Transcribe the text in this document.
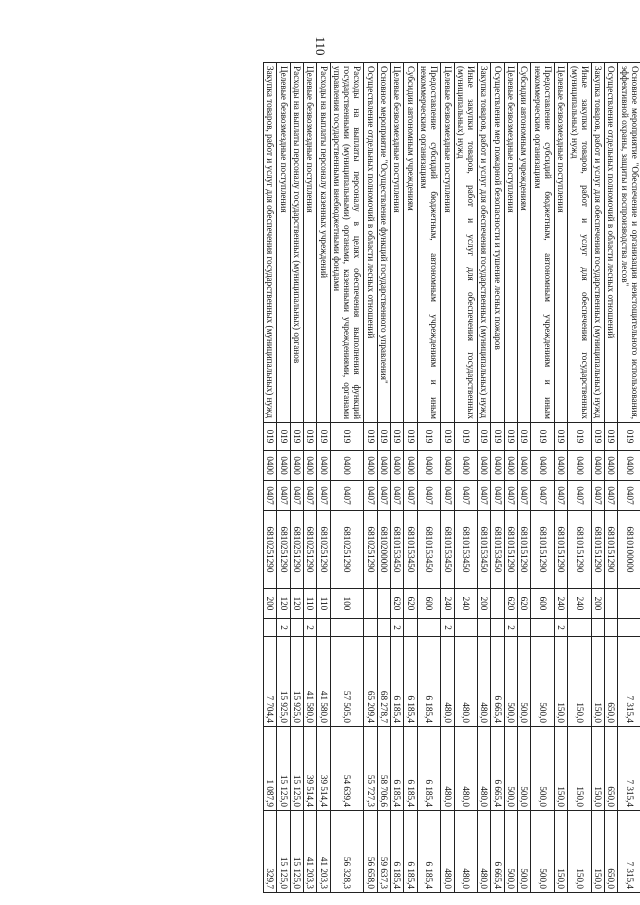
110
Основное мероприятие "Обеспечение и организация неистощительного использования, эффективной охраны, защиты и воспроизводства лесов"	019	0400	0407	6810100000			7 315,4	7 315,4	7 315,4
Осуществление отдельных полномочий в области лесных отношений	019	0400	0407	6810151290			650,0	650,0	650,0
Закупка товаров, работ и услуг для обеспечения государственных (муниципальных) нужд	019	0400	0407	6810151290	200		150,0	150,0	150,0
Иные закупки товаров, работ и услуг для обеспечения государственных (муниципальных) нужд	019	0400	0407	6810151290	240		150,0	150,0	150,0
Целевые безвозмездные поступления	019	0400	0407	6810151290	240	2	150,0	150,0	150,0
Предоставление субсидий бюджетным, автономным учреждениям и иным некоммерческим организациям	019	0400	0407	6810151290	600		500,0	500,0	500,0
Субсидии автономным учреждениям	019	0400	0407	6810151290	620		500,0	500,0	500,0
Целевые безвозмездные поступления	019	0400	0407	6810151290	620	2	500,0	500,0	500,0
Осуществление мер пожарной безопасности и тушение лесных пожаров	019	0400	0407	6810153450			6 665,4	6 665,4	6 665,4
Закупка товаров, работ и услуг для обеспечения государственных (муниципальных) нужд	019	0400	0407	6810153450	200		480,0	480,0	480,0
Иные закупки товаров, работ и услуг для обеспечения государственных (муниципальных) нужд	019	0400	0407	6810153450	240		480,0	480,0	480,0
Целевые безвозмездные поступления	019	0400	0407	6810153450	240	2	480,0	480,0	480,0
Предоставление субсидий бюджетным, автономным учреждениям и иным некоммерческим организациям	019	0400	0407	6810153450	600		6 185,4	6 185,4	6 185,4
Субсидии автономным учреждениям	019	0400	0407	6810153450	620		6 185,4	6 185,4	6 185,4
Целевые безвозмездные поступления	019	0400	0407	6810153450	620	2	6 185,4	6 185,4	6 185,4
Основное мероприятие "Осуществление функций государственного управления"	019	0400	0407	6810200000			68 278,7	58 706,6	59 637,3
Осуществление отдельных полномочий в области лесных отношений	019	0400	0407	6810251290			65 209,4	55 727,3	56 658,0
Расходы на выплаты персоналу в целях обеспечения выполнения функций государственными (муниципальными) органами, казенными учреждениями, органами управления государственными внебюджетными фондами	019	0400	0407	6810251290	100		57 505,0	54 639,4	56 328,3
Расходы на выплаты персоналу казенных учреждений	019	0400	0407	6810251290	110		41 580,0	39 514,4	41 203,3
Целевые безвозмездные поступления	019	0400	0407	6810251290	110	2	41 580,0	39 514,4	41 203,3
Расходы на выплаты персоналу государственных (муниципальных) органов	019	0400	0407	6810251290	120		15 925,0	15 125,0	15 125,0
Целевые безвозмездные поступления	019	0400	0407	6810251290	120	2	15 925,0	15 125,0	15 125,0
Закупка товаров, работ и услуг для обеспечения государственных (муниципальных) нужд	019	0400	0407	6810251290	200		7 704,4	1 087,9	329,7
